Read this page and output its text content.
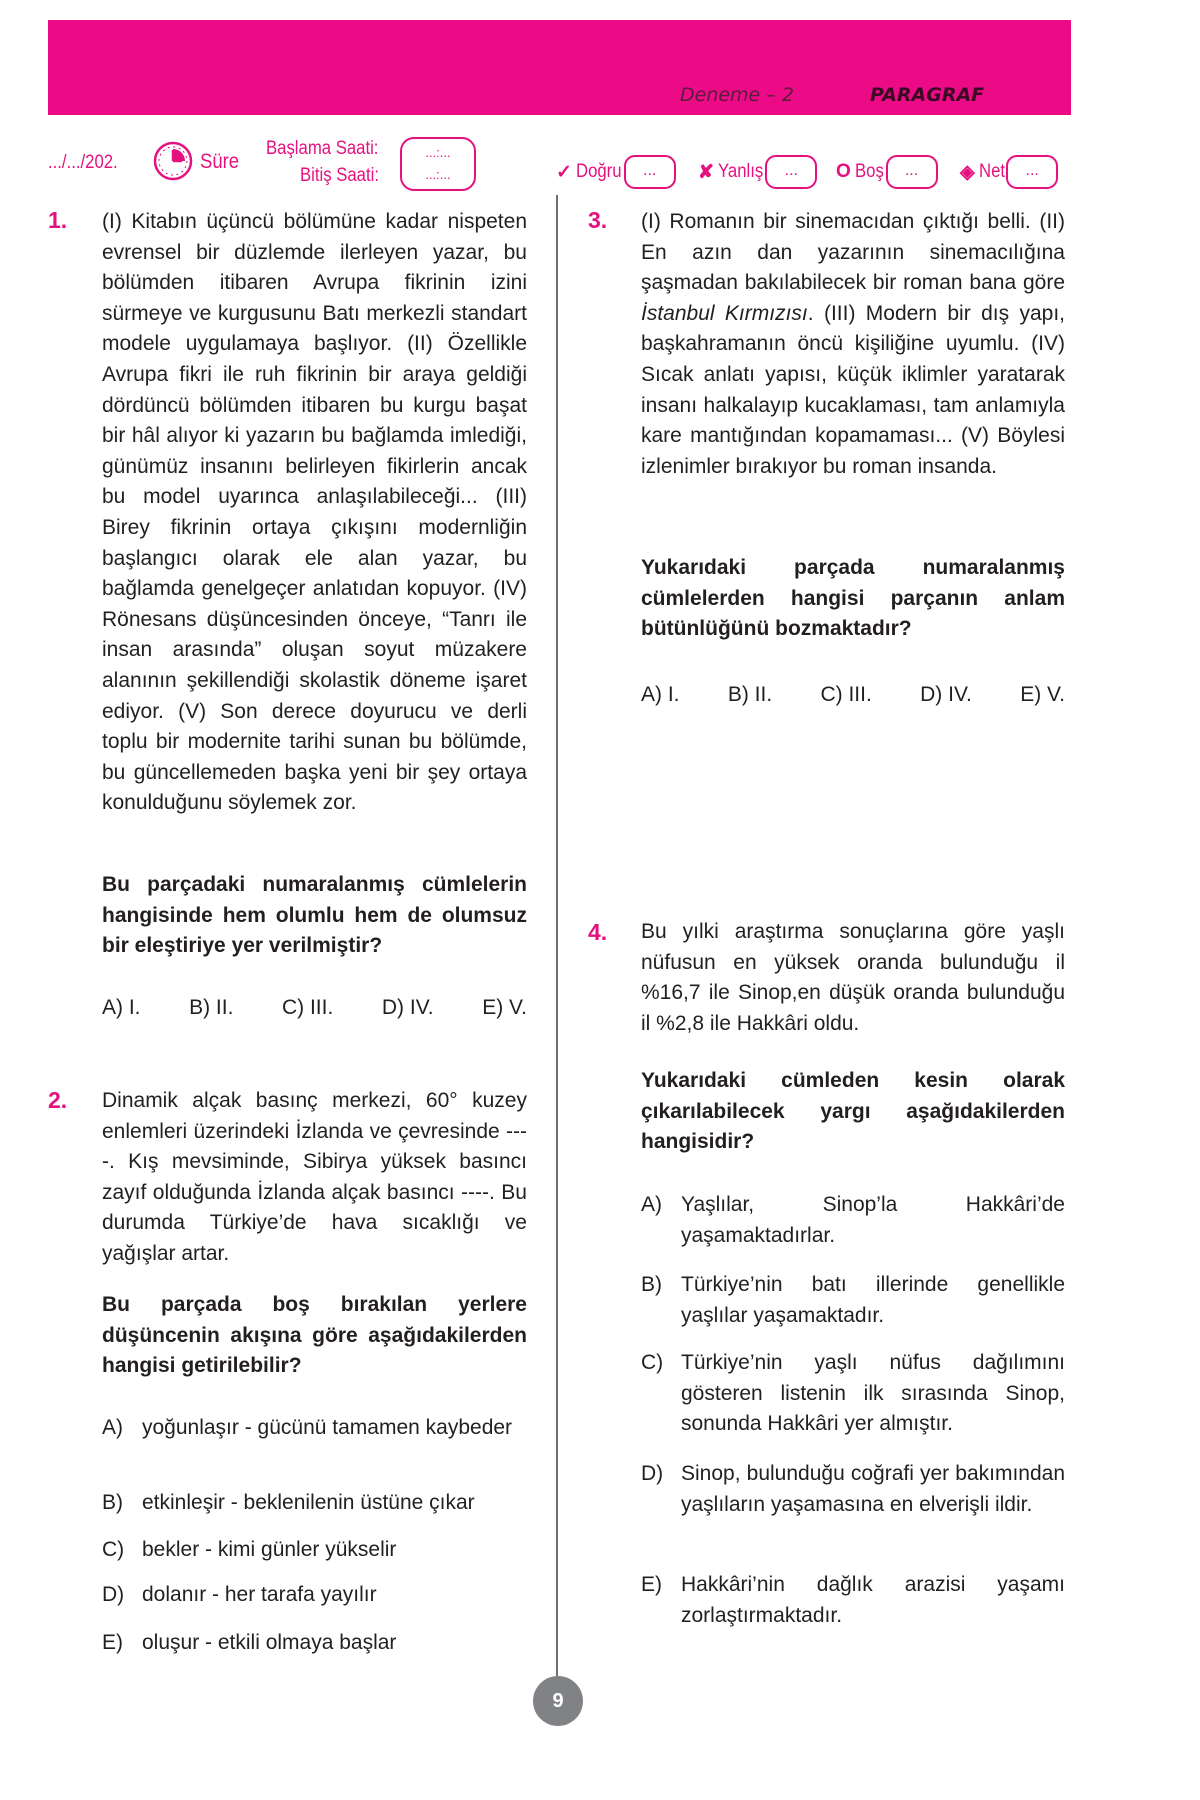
Deneme – 2	PARAGRAF
.../.../202.	Süre
Başlama Saati:
Bitiş Saati:
...:...
...:...	✓ Doğru	...	✘ Yanlış	...	O Boş	...	◈ Net	...
9
1. (I) Kitabın üçüncü bölümüne kadar nispeten evrensel bir düzlemde ilerleyen yazar, bu bölümden itibaren Avrupa fikrinin izini sürmeye ve kurgusunu Batı merkezli standart modele uygulamaya başlıyor. (II) Özellikle Avrupa fikri ile ruh fikrinin bir araya geldiği dördüncü bölümden itibaren bu kurgu başat bir hâl alıyor ki yazarın bu bağlamda imlediği, günümüz insanını belirleyen fikirlerin ancak bu model uyarınca anlaşılabileceği... (III) Birey fikrinin ortaya çıkışını modernliğin başlangıcı olarak ele alan yazar, bu bağlamda genelgeçer anlatıdan kopuyor. (IV) Rönesans düşüncesinden önceye, “Tanrı ile insan arasında” oluşan soyut müzakere alanının şekillendiği skolastik döneme işaret ediyor. (V) Son derece doyurucu ve derli toplu bir modernite tarihi sunan bu bölümde, bu güncellemeden başka yeni bir şey ortaya konulduğunu söylemek zor.
Bu parçadaki numaralanmış cümlelerin hangisinde hem olumlu hem de olumsuz bir eleştiriye yer verilmiştir?
A) I. B) II. C) III. D) IV. E) V.
2. Dinamik alçak basınç merkezi, 60° kuzey enlemleri üzerindeki İzlanda ve çevresinde ----. Kış mevsiminde, Sibirya yüksek basıncı zayıf olduğunda İzlanda alçak basıncı ----. Bu durumda Türkiye’de hava sıcaklığı ve yağışlar artar.
Bu parçada boş bırakılan yerlere düşüncenin akışına göre aşağıdakilerden hangisi getirilebilir?
A) yoğunlaşır - gücünü tamamen kaybeder
B) etkinleşir - beklenilenin üstüne çıkar
C) bekler - kimi günler yükselir
D) dolanır - her tarafa yayılır
E) oluşur - etkili olmaya başlar
3. (I) Romanın bir sinemacıdan çıktığı belli. (II) En azın dan yazarının sinemacılığına şaşmadan bakılabilecek bir roman bana göre İstanbul Kırmızısı. (III) Modern bir dış yapı, başkahramanın öncü kişiliğine uyumlu. (IV) Sıcak anlatı yapısı, küçük iklimler yaratarak insanı halkalayıp kucaklaması, tam anlamıyla kare mantığından kopamaması... (V) Böylesi izlenimler bırakıyor bu roman insanda.
Yukarıdaki parçada numaralanmış cümlelerden hangisi parçanın anlam bütünlüğünü bozmaktadır?
A) I. B) II. C) III. D) IV. E) V.
4. Bu yılki araştırma sonuçlarına göre yaşlı nüfusun en yüksek oranda bulunduğu il %16,7 ile Sinop,en düşük oranda bulunduğu il %2,8 ile Hakkâri oldu.
Yukarıdaki cümleden kesin olarak çıkarılabilecek yargı aşağıdakilerden hangisidir?
A) Yaşlılar, Sinop’la Hakkâri’de yaşamaktadırlar.
B) Türkiye’nin batı illerinde genellikle yaşlılar yaşamaktadır.
C) Türkiye’nin yaşlı nüfus dağılımını gösteren listenin ilk sırasında Sinop, sonunda Hakkâri yer almıştır.
D) Sinop, bulunduğu coğrafi yer bakımından yaşlıların yaşamasına en elverişli ildir.
E) Hakkâri’nin dağlık arazisi yaşamı zorlaştırmaktadır.
